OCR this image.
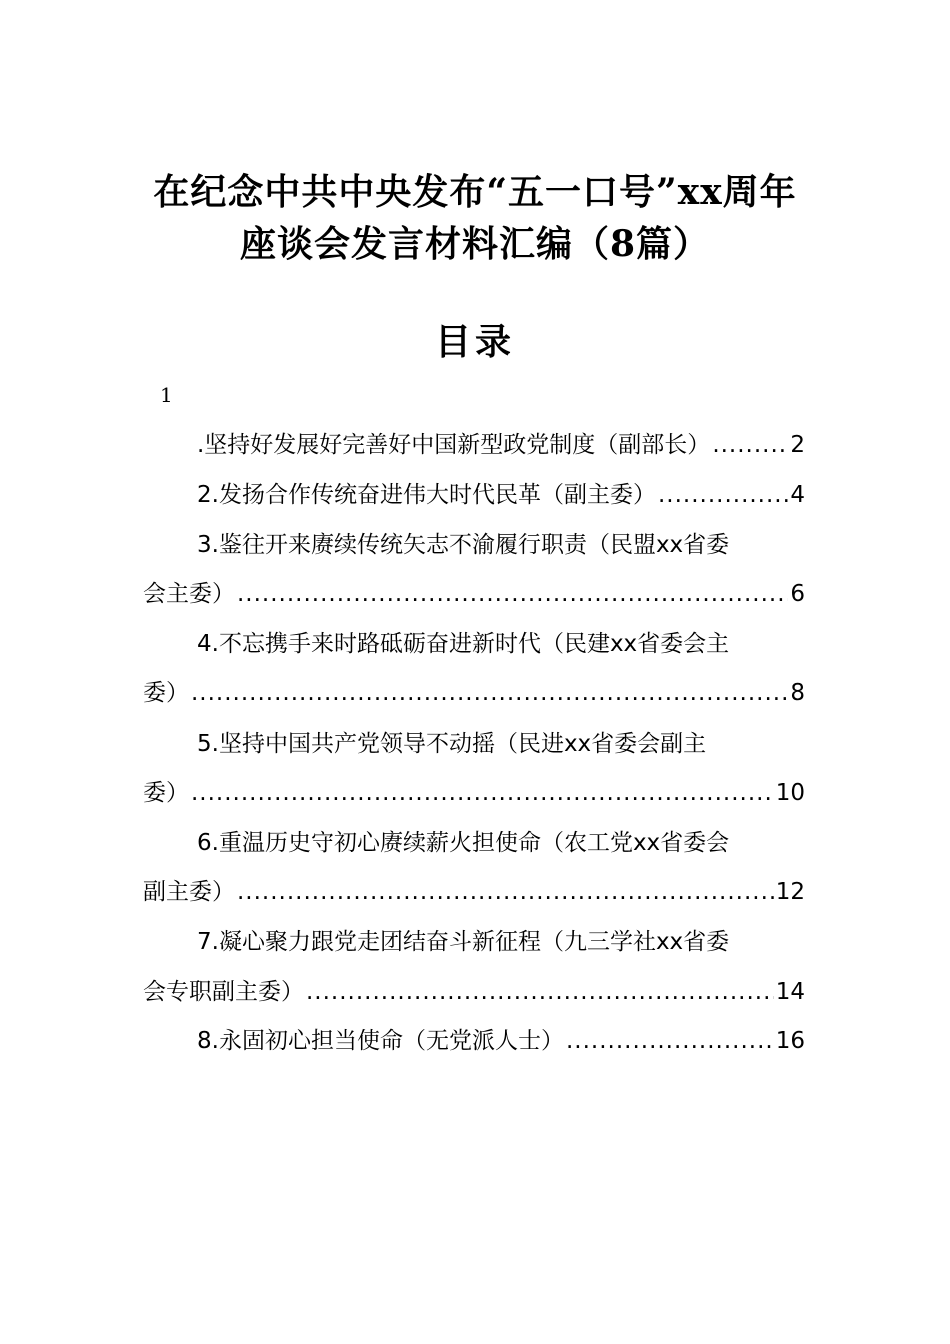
在纪念中共中央发布“五一口号”xx周年
座谈会发言材料汇编（8篇）
目录
1
.坚持好发展好完善好中国新型政党制度（副部长） .....	2
2.发扬合作传统奋进伟大时代民革（副主委） .....	4
3.鉴往开来赓续传统矢志不渝履行职责（民盟xx省委
会主委） .....	6
4.不忘携手来时路砥砺奋进新时代（民建xx省委会主
委） .....	8
5.坚持中国共产党领导不动摇（民进xx省委会副主
委） .....	10
6.重温历史守初心赓续薪火担使命（农工党xx省委会
副主委） .....	12
7.凝心聚力跟党走团结奋斗新征程（九三学社xx省委
会专职副主委） .....	14
8.永固初心担当使命（无党派人士） .....	16
